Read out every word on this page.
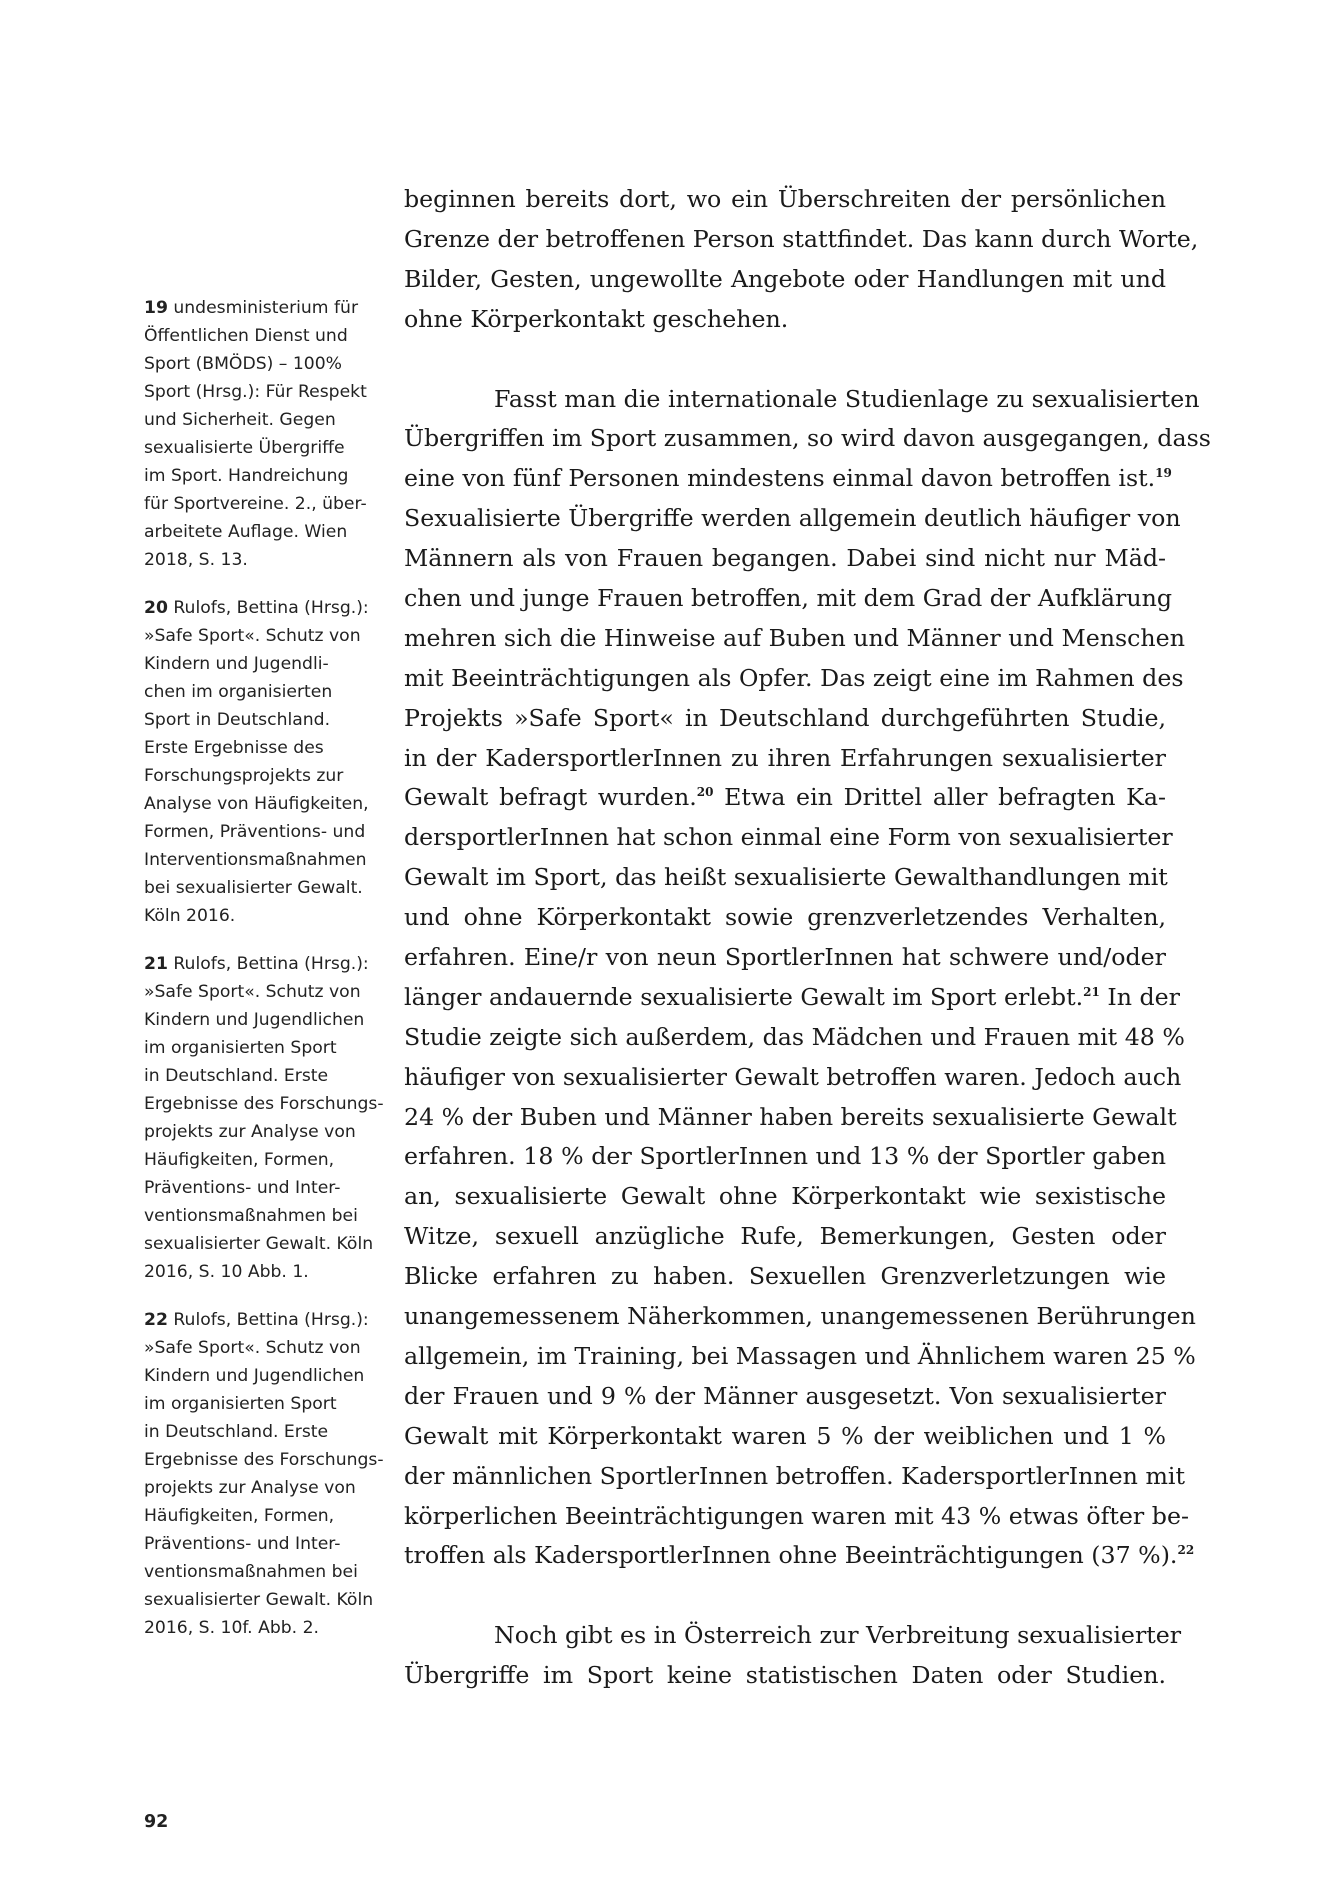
19 undesministerium für
Öffentlichen Dienst und
Sport (BMÖDS) – 100%
Sport (Hrsg.): Für Respekt
und Sicherheit. Gegen
sexualisierte Übergriffe
im Sport. Handreichung
für Sportvereine. 2., über-
arbeitete Auflage. Wien
2018, S. 13.
20 Rulofs, Bettina (Hrsg.):
»Safe Sport«. Schutz von
Kindern und Jugendli-
chen im organisierten
Sport in Deutschland.
Erste Ergebnisse des
Forschungsprojekts zur
Analyse von Häufigkeiten,
Formen, Präventions- und
Interventionsmaßnahmen
bei sexualisierter Gewalt.
Köln 2016.
21 Rulofs, Bettina (Hrsg.):
»Safe Sport«. Schutz von
Kindern und Jugendlichen
im organisierten Sport
in Deutschland. Erste
Ergebnisse des Forschungs-
projekts zur Analyse von
Häufigkeiten, Formen,
Präventions- und Inter-
ventionsmaßnahmen bei
sexualisierter Gewalt. Köln
2016, S. 10 Abb. 1.
22 Rulofs, Bettina (Hrsg.):
»Safe Sport«. Schutz von
Kindern und Jugendlichen
im organisierten Sport
in Deutschland. Erste
Ergebnisse des Forschungs-
projekts zur Analyse von
Häufigkeiten, Formen,
Präventions- und Inter-
ventionsmaßnahmen bei
sexualisierter Gewalt. Köln
2016, S. 10f. Abb. 2.
beginnen bereits dort, wo ein Überschreiten der persönlichen
Grenze der betroffenen Person stattfindet. Das kann durch Worte,
Bilder, Gesten, ungewollte Angebote oder Handlungen mit und
ohne Körperkontakt geschehen.
Fasst man die internationale Studienlage zu sexualisierten
Übergriffen im Sport zusammen, so wird davon ausgegangen, dass
eine von fünf Personen mindestens einmal davon betroffen ist.$^{19}$
Sexualisierte Übergriffe werden allgemein deutlich häufiger von
Männern als von Frauen begangen. Dabei sind nicht nur Mäd-
chen und junge Frauen betroffen, mit dem Grad der Aufklärung
mehren sich die Hinweise auf Buben und Männer und Menschen
mit Beeinträchtigungen als Opfer. Das zeigt eine im Rahmen des
Projekts »Safe Sport« in Deutschland durchgeführten Studie,
in der KadersportlerInnen zu ihren Erfahrungen sexualisierter
Gewalt befragt wurden.$^{20}$ Etwa ein Drittel aller befragten Ka-
dersportlerInnen hat schon einmal eine Form von sexualisierter
Gewalt im Sport, das heißt sexualisierte Gewalthandlungen mit
und ohne Körperkontakt sowie grenzverletzendes Verhalten,
erfahren. Eine/r von neun SportlerInnen hat schwere und/oder
länger andauernde sexualisierte Gewalt im Sport erlebt.$^{21}$ In der
Studie zeigte sich außerdem, das Mädchen und Frauen mit 48 %
häufiger von sexualisierter Gewalt betroffen waren. Jedoch auch
24 % der Buben und Männer haben bereits sexualisierte Gewalt
erfahren. 18 % der SportlerInnen und 13 % der Sportler gaben
an, sexualisierte Gewalt ohne Körperkontakt wie sexistische
Witze, sexuell anzügliche Rufe, Bemerkungen, Gesten oder
Blicke erfahren zu haben. Sexuellen Grenzverletzungen wie
unangemessenem Näherkommen, unangemessenen Berührungen
allgemein, im Training, bei Massagen und Ähnlichem waren 25 %
der Frauen und 9 % der Männer ausgesetzt. Von sexualisierter
Gewalt mit Körperkontakt waren 5 % der weiblichen und 1 %
der männlichen SportlerInnen betroffen. KadersportlerInnen mit
körperlichen Beeinträchtigungen waren mit 43 % etwas öfter be-
troffen als KadersportlerInnen ohne Beeinträchtigungen (37 %).$^{22}$
Noch gibt es in Österreich zur Verbreitung sexualisierter
Übergriffe im Sport keine statistischen Daten oder Studien.
92
